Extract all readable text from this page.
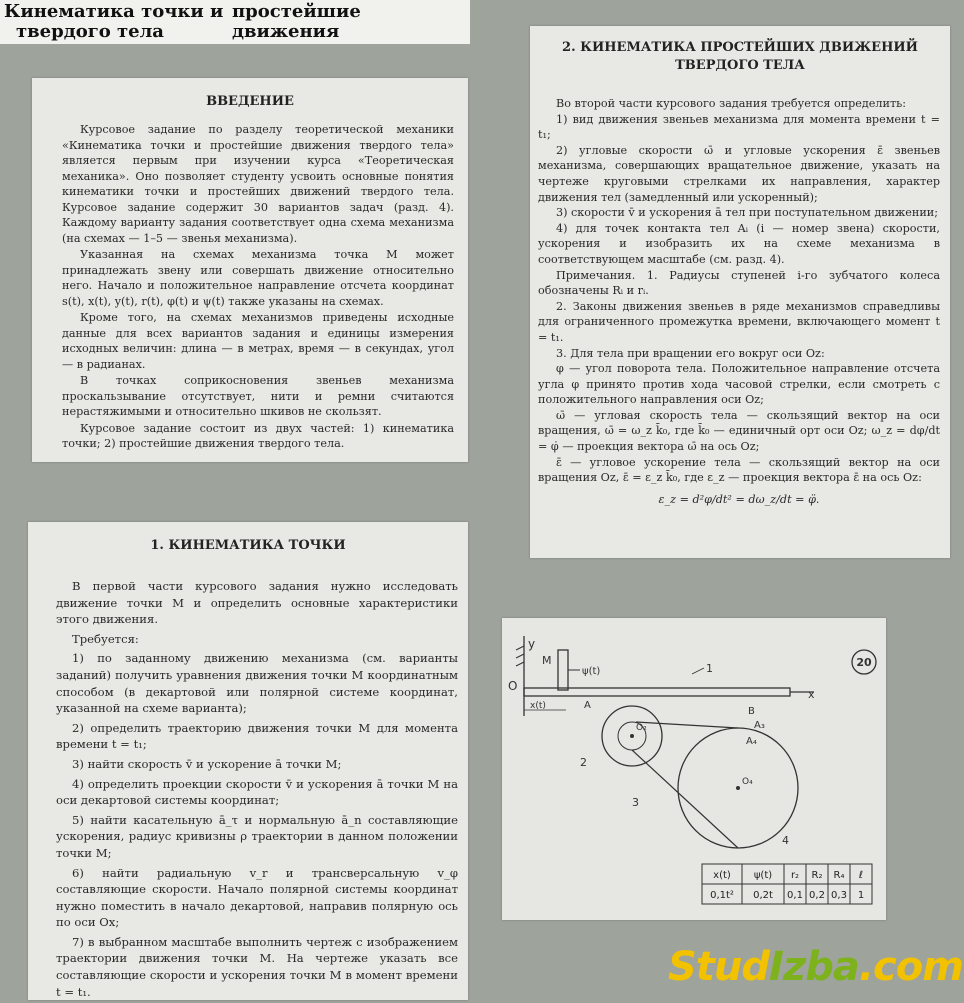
Кинематика точки и простейшие движения
твердого тела
ВВЕДЕНИЕ

Курсовое задание по разделу теоретической механики «Кинематика точки и простейшие движения твердого тела» является первым при изучении курса «Теоретическая механика». Оно позволяет студенту усвоить основные понятия кинематики точки и простейших движений твердого тела. Курсовое задание содержит 30 вариантов задач (разд. 4). Каждому варианту задания соответствует одна схема механизма (на схемах — 1–5 — звенья механизма).

Указанная на схемах механизма точка M может принадлежать звену или совершать движение относительно него. Начало и положительное направление отсчета координат s(t), x(t), y(t), r(t), φ(t) и ψ(t) также указаны на схемах.

Кроме того, на схемах механизмов приведены исходные данные для всех вариантов задания и единицы измерения исходных величин: длина — в метрах, время — в секундах, угол — в радианах.

В точках соприкосновения звеньев механизма проскальзывание отсутствует, нити и ремни считаются нерастяжимыми и относительно шкивов не скользят.

Курсовое задание состоит из двух частей: 1) кинематика точки; 2) простейшие движения твердого тела.

2. КИНЕМАТИКА ПРОСТЕЙШИХ ДВИЖЕНИЙ
ТВЕРДОГО ТЕЛА

Во второй части курсового задания требуется определить:

1) вид движения звеньев механизма для момента времени t = t₁;

2) угловые скорости ω̄ и угловые ускорения ε̄ звеньев механизма, совершающих вращательное движение, указать на чертеже круговыми стрелками их направления, характер движения тел (замедленный или ускоренный);

3) скорости v̄ и ускорения ā тел при поступательном движении;

4) для точек контакта тел Aᵢ (i — номер звена) скорости, ускорения и изобразить их на схеме механизма в соответствующем масштабе (см. разд. 4).

Примечания. 1. Радиусы ступеней i-го зубчатого колеса обозначены Rᵢ и rᵢ.

2. Законы движения звеньев в ряде механизмов справедливы для ограниченного промежутка времени, включающего момент t = t₁.

3. Для тела при вращении его вокруг оси Oz:

φ — угол поворота тела. Положительное направление отсчета угла φ принято против хода часовой стрелки, если смотреть с положительного направления оси Oz;

ω̄ — угловая скорость тела — скользящий вектор на оси вращения, ω̄ = ω_z k̄₀, где k̄₀ — единичный орт оси Oz; ω_z = dφ/dt = φ̇ — проекция вектора ω̄ на ось Oz;

ε̄ — угловое ускорение тела — скользящий вектор на оси вращения Oz, ε̄ = ε_z k̄₀, где ε_z — проекция вектора ε̄ на ось Oz:

ε_z = d²φ/dt² = dω_z/dt = φ̈.

1. КИНЕМАТИКА ТОЧКИ

В первой части курсового задания нужно исследовать движение точки M и определить основные характеристики этого движения.

Требуется:

1) по заданному движению механизма (см. варианты заданий) получить уравнения движения точки M координатным способом (в декартовой или полярной системе координат, указанной на схеме варианта);

2) определить траекторию движения точки M для момента времени t = t₁;

3) найти скорость v̄ и ускорение ā точки M;

4) определить проекции скорости v̄ и ускорения ā точки M на оси декартовой системы координат;

5) найти касательную ā_τ и нормальную ā_n составляющие ускорения, радиус кривизны ρ траектории в данном положении точки M;

6) найти радиальную v_r и трансверсальную v_φ составляющие скорости. Начало полярной системы координат нужно поместить в начало декартовой, направив полярную ось по оси Ox;

7) в выбранном масштабе выполнить чертеж с изображением траектории движения точки M. На чертеже указать все составляющие скорости и ускорения точки M в момент времени t = t₁.

y
O
M
ψ(t)
x
1
x(t)	A
B
A₃
A₄
O₂
2
O₄
4
3
20
x(t) ψ(t) r₂ R₂ R₄ ℓ
0,1t² 0,2t 0,1 0,2 0,3 1
StudIzba.com
